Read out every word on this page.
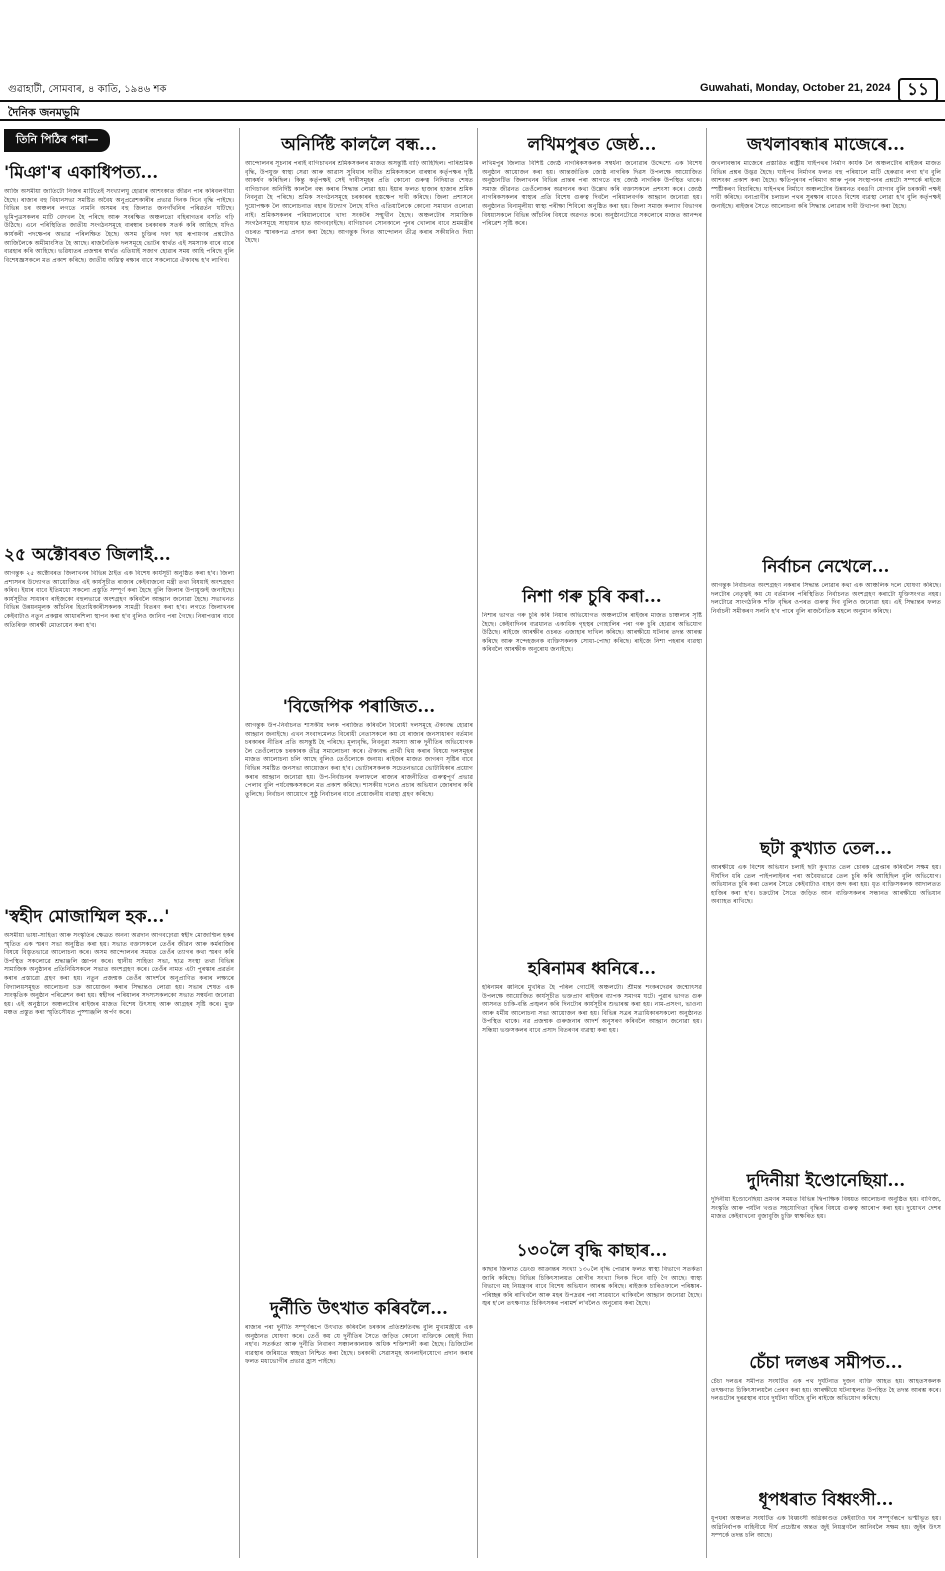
গুৱাহাটী, সোমবাৰ, ৪ কাতি, ১৯৪৬ শক	Guwahati, Monday, October 21, 2024 ১১
দৈনিক জনমভূমি
তিনি পিঠিৰ পৰা—
'মিঞা'ৰ একাধিপত্য...
আজি অসমীয়া জাতিটো নিজৰ মাটিতেই সংখ্যালঘু হোৱাৰ আশংকাত জীৱন পাৰ কৰিবলগীয়া হৈছে। ৰাজ্যৰ বহু বিধানসভা সমষ্টিত অবৈধ অনুপ্ৰৱেশকাৰীৰ প্ৰভাৱ দিনক দিনে বৃদ্ধি পাইছে। বিভিন্ন চৰ অঞ্চলৰ লগতে নামনি অসমৰ বহু জিলাত জনগাঁথনিৰ পৰিৱৰ্তন ঘটিছে। ভূমিপুত্ৰসকলৰ মাটি বেদখল হৈ পৰিছে আৰু সংৰক্ষিত অঞ্চলতো বহিৰাগতৰ বসতি গঢ়ি উঠিছে। এনে পৰিস্থিতিত জাতীয় সংগঠনসমূহে বাৰম্বাৰ চৰকাৰক সতৰ্ক কৰি আহিছে যদিও কাৰ্যকৰী পদক্ষেপৰ অভাৱ পৰিলক্ষিত হৈছে। অসম চুক্তিৰ দফা ছয় ৰূপায়ণৰ প্ৰশ্নটোও আজিলৈকে অমীমাংসিত হৈ আছে। ৰাজনৈতিক দলসমূহে ভোটৰ স্বাৰ্থত এই সমস্যাক বাৰে বাৰে ব্যৱহাৰ কৰি আহিছে। ভৱিষ্যতৰ প্ৰজন্মৰ স্বাৰ্থত এতিয়াই সজাগ হোৱাৰ সময় আহি পৰিছে বুলি বিশেষজ্ঞসকলে মত প্ৰকাশ কৰিছে। জাতীয় অস্তিত্ব ৰক্ষাৰ বাবে সকলোৱে ঐক্যবদ্ধ হ'ব লাগিব।
২৫ অক্টোবৰত জিলাই...
আগন্তুক ২৫ অক্টোবৰত জিলাখনৰ বিভিন্ন ঠাইত এক বিশেষ কাৰ্যসূচী অনুষ্ঠিত কৰা হ'ব। জিলা প্ৰশাসনৰ উদ্যোগত আয়োজিত এই কাৰ্যসূচীত ৰাজ্যৰ কেইবাজনো মন্ত্ৰী তথা বিষয়াই অংশগ্ৰহণ কৰিব। ইয়াৰ বাবে ইতিমধ্যে সকলো প্ৰস্তুতি সম্পূৰ্ণ কৰা হৈছে বুলি জিলাৰ উপায়ুক্তই জনাইছে। কাৰ্যসূচীত সাধাৰণ ৰাইজকো বহুলভাৱে অংশগ্ৰহণ কৰিবলৈ আহ্বান জনোৱা হৈছে। সভাখনত বিভিন্ন উন্নয়নমূলক আঁচনিৰ হিতাধিকাৰীসকলক সামগ্ৰী বিতৰণ কৰা হ'ব। লগতে জিলাখনৰ কেইবাটাও নতুন প্ৰকল্পৰ আধাৰশিলা স্থাপন কৰা হ'ব বুলিও জানিব পৰা গৈছে। নিৰাপত্তাৰ বাবে অতিৰিক্ত আৰক্ষী মোতায়েন কৰা হ'ব।
'স্বহীদ মোজাম্মিল হক...'
অসমীয়া ভাষা-সাহিত্য আৰু সংস্কৃতিৰ ক্ষেত্ৰত অনন্য অৱদান আগবঢ়োৱা স্বহীদ মোজাম্মিল হকৰ স্মৃতিত এক স্মৰণ সভা অনুষ্ঠিত কৰা হয়। সভাত বক্তাসকলে তেওঁৰ জীৱন আৰু কৰ্মৰাজিৰ বিষয়ে বিস্তৃতভাৱে আলোচনা কৰে। অসম আন্দোলনৰ সময়ত তেওঁৰ ত্যাগৰ কথা স্মৰণ কৰি উপস্থিত সকলোৱে শ্ৰদ্ধাঞ্জলি জ্ঞাপন কৰে। স্থানীয় সাহিত্য সভা, ছাত্ৰ সংস্থা তথা বিভিন্ন সামাজিক অনুষ্ঠানৰ প্ৰতিনিধিসকলে সভাত অংশগ্ৰহণ কৰে। তেওঁৰ নামত এটা পুৰস্কাৰ প্ৰৱৰ্তন কৰাৰ প্ৰস্তাৱো গ্ৰহণ কৰা হয়। নতুন প্ৰজন্মক তেওঁৰ আদৰ্শৰে অনুপ্ৰাণিত কৰাৰ লক্ষ্যৰে বিদ্যালয়সমূহত আলোচনা চক্ৰ আয়োজন কৰাৰ সিদ্ধান্তও লোৱা হয়। সভাৰ শেষত এক সাংস্কৃতিক অনুষ্ঠান পৰিৱেশন কৰা হয়। স্বহীদৰ পৰিয়ালৰ সদস্যসকলকো সভাত সম্বৰ্ধনা জনোৱা হয়। এই অনুষ্ঠানে অঞ্চলটোৰ ৰাইজৰ মাজত বিশেষ উৎসাহ আৰু আগ্ৰহৰ সৃষ্টি কৰে। মুক্ত মঞ্চত প্ৰস্তুত কৰা স্মৃতিসৌধত পুষ্পাঞ্জলি অৰ্পণ কৰে।
অনিৰ্দিষ্ট কাললৈ বন্ধ...
আন্দোলনৰ সূচনাৰ পৰাই বাগিচাখনৰ শ্ৰমিকসকলৰ মাজত অসন্তুষ্টি বাঢ়ি আহিছিল। পাৰিশ্ৰমিক বৃদ্ধি, উপযুক্ত স্বাস্থ্য সেৱা আৰু আৱাস সুবিধাৰ দাবীত শ্ৰমিকসকলে বাৰম্বাৰ কৰ্তৃপক্ষৰ দৃষ্টি আকৰ্ষণ কৰিছিল। কিন্তু কৰ্তৃপক্ষই সেই দাবীসমূহৰ প্ৰতি কোনো গুৰুত্ব নিদিয়াত শেষত বাগিচাখন অনিৰ্দিষ্ট কাললৈ বন্ধ কৰাৰ সিদ্ধান্ত লোৱা হয়। ইয়াৰ ফলত হাজাৰ হাজাৰ শ্ৰমিক নিবনুৱা হৈ পৰিছে। শ্ৰমিক সংগঠনসমূহে চৰকাৰৰ হস্তক্ষেপ দাবী কৰিছে। জিলা প্ৰশাসনে দুয়োপক্ষক লৈ আলোচনাত বহাৰ উদ্যোগ লৈছে যদিও এতিয়ালৈকে কোনো সমাধান ওলোৱা নাই। শ্ৰমিকসকলৰ পৰিয়ালবোৰে খাদ্য সংকটৰ সন্মুখীন হৈছে। অঞ্চলটোৰ সামাজিক সংগঠনসমূহে সাহায্যৰ হাত আগবঢ়াইছে। বাগিচাখন সোনকালে পুনৰ খোলাৰ বাবে শ্ৰমমন্ত্ৰীৰ ওচৰত স্মাৰকপত্ৰ প্ৰদান কৰা হৈছে। আগন্তুক দিনত আন্দোলন তীব্ৰ কৰাৰ সকীয়নিও দিয়া হৈছে।
'বিজেপিক পৰাজিত...
আগন্তুক উপ-নিৰ্বাচনত শাসকীয় দলক পৰাজিত কৰিবলৈ বিৰোধী দলসমূহে ঐক্যবদ্ধ হোৱাৰ আহ্বান জনাইছে। এখন সংবাদমেলত বিৰোধী নেতাসকলে কয় যে ৰাজ্যৰ জনসাধাৰণ বৰ্তমান চৰকাৰৰ নীতিৰ প্ৰতি অসন্তুষ্ট হৈ পৰিছে। মূল্যবৃদ্ধি, নিবনুৱা সমস্যা আৰু দুৰ্নীতিৰ অভিযোগক লৈ তেওঁলোকে চৰকাৰক তীব্ৰ সমালোচনা কৰে। ঐক্যবদ্ধ প্ৰাৰ্থী থিয় কৰাৰ বিষয়ে দলসমূহৰ মাজত আলোচনা চলি আছে বুলিও তেওঁলোকে জনায়। ৰাইজৰ মাজত জাগৰণ সৃষ্টিৰ বাবে বিভিন্ন সমষ্টিত জনসভা আয়োজন কৰা হ'ব। ভোটাৰসকলক সচেতনভাৱে ভোটাধিকাৰ প্ৰয়োগ কৰাৰ আহ্বান জনোৱা হয়। উপ-নিৰ্বাচনৰ ফলাফলে ৰাজ্যৰ ৰাজনীতিত গুৰুত্বপূৰ্ণ প্ৰভাৱ পেলাব বুলি পৰ্যবেক্ষকসকলে মত প্ৰকাশ কৰিছে। শাসকীয় দলেও প্ৰচাৰ অভিযান জোৰদাৰ কৰি তুলিছে। নিৰ্বাচন আয়োগে সুষ্ঠু নিৰ্বাচনৰ বাবে প্ৰয়োজনীয় ব্যৱস্থা গ্ৰহণ কৰিছে।
দুৰ্নীতি উৎখাত কৰিবলৈ...
ৰাজ্যৰ পৰা দুৰ্নীতি সম্পূৰ্ণৰূপে উৎখাত কৰিবলৈ চৰকাৰ প্ৰতিশ্ৰুতিবদ্ধ বুলি মুখ্যমন্ত্ৰীয়ে এক অনুষ্ঠানত ঘোষণা কৰে। তেওঁ কয় যে দুৰ্নীতিৰ সৈতে জড়িত কোনো ব্যক্তিকে ৰেহাই দিয়া নহ'ব। সতৰ্কতা আৰু দুৰ্নীতি নিবাৰণ সঞ্চালকালয়ক অধিক শক্তিশালী কৰা হৈছে। ডিজিটেল ব্যৱস্থাৰ জৰিয়তে স্বচ্ছতা নিশ্চিত কৰা হৈছে। চৰকাৰী সেৱাসমূহ অনলাইনযোগে প্ৰদান কৰাৰ ফলত মধ্যভোগীৰ প্ৰভাৱ হ্ৰাস পাইছে।
লখিমপুৰত জেষ্ঠ...
লখিমপুৰ জিলাত বিশিষ্ট জ্যেষ্ঠ নাগৰিকসকলক সম্বৰ্ধনা জনোৱাৰ উদ্দেশ্যে এক বিশেষ অনুষ্ঠান আয়োজন কৰা হয়। আন্তৰ্জাতিক জ্যেষ্ঠ নাগৰিক দিৱস উপলক্ষে আয়োজিত অনুষ্ঠানটিত জিলাখনৰ বিভিন্ন প্ৰান্তৰ পৰা আগতে বহু জ্যেষ্ঠ নাগৰিক উপস্থিত থাকে। সমাজ জীৱনত তেওঁলোকৰ অৱদানৰ কথা উল্লেখ কৰি বক্তাসকলে প্ৰশংসা কৰে। জ্যেষ্ঠ নাগৰিকসকলৰ স্বাস্থ্যৰ প্ৰতি বিশেষ গুৰুত্ব দিবলৈ পৰিয়ালবৰ্গক আহ্বান জনোৱা হয়। অনুষ্ঠানত বিনামূলীয়া স্বাস্থ্য পৰীক্ষা শিবিৰো অনুষ্ঠিত কৰা হয়। জিলা সমাজ কল্যাণ বিভাগৰ বিষয়াসকলে বিভিন্ন আঁচনিৰ বিষয়ে অৱগত কৰে। অনুষ্ঠানটোৱে সকলোৰে মাজত আনন্দৰ পৰিৱেশ সৃষ্টি কৰে।
নিশা গৰু চুৰি কৰা...
নিশাৰ ভাগত গৰু চুৰি কৰি নিয়াৰ অভিযোগত অঞ্চলটোৰ ৰাইজৰ মাজত চাঞ্চল্যৰ সৃষ্টি হৈছে। কেইবাদিনৰ ব্যৱধানত একাধিক গৃহস্থৰ গোহালিৰ পৰা গৰু চুৰি হোৱাৰ অভিযোগ উঠিছে। ৰাইজে আৰক্ষীৰ ওচৰত এজাহাৰ দাখিল কৰিছে। আৰক্ষীয়ে ঘটনাৰ তদন্ত আৰম্ভ কৰিছে আৰু সন্দেহজনক ব্যক্তিসকলক সোধা-পোছা কৰিছে। ৰাইজে নিশা পহৰাৰ ব্যৱস্থা কৰিবলৈ আৰক্ষীক অনুৰোধ জনাইছে।
হৰিনামৰ ধ্বনিৰে...
হৰিনামৰ ধ্বনিৰে মুখৰিত হৈ পৰিল গোটেই অঞ্চলটো। শ্ৰীমন্ত শংকৰদেৱৰ জন্মোৎসৱ উপলক্ষে আয়োজিত কাৰ্যসূচীত ভক্তপ্ৰাণ ৰাইজৰ ব্যাপক সমাগম ঘটে। পুৱাৰ ভাগত গুৰু আসনত চাকি-বন্তি প্ৰজ্বলন কৰি দিনটোৰ কাৰ্যসূচীৰ শুভাৰম্ভ কৰা হয়। নাম-প্ৰসংগ, ভাওনা আৰু ধৰ্মীয় আলোচনা সভা আয়োজন কৰা হয়। বিভিন্ন সত্ৰৰ সত্ৰাধিকাৰসকলো অনুষ্ঠানত উপস্থিত থাকে। নৱ প্ৰজন্মক গুৰুজনাৰ আদৰ্শ অনুসৰণ কৰিবলৈ আহ্বান জনোৱা হয়। সন্ধিয়া ভক্তসকলৰ বাবে প্ৰসাদ বিতৰণৰ ব্যৱস্থা কৰা হয়।
১৩০লৈ বৃদ্ধি কাছাৰ...
কাছাৰ জিলাত ডেংগু আক্ৰান্তৰ সংখ্যা ১৩০লৈ বৃদ্ধি পোৱাৰ ফলত স্বাস্থ্য বিভাগে সতৰ্কতা জাৰি কৰিছে। বিভিন্ন চিকিৎসালয়ত ৰোগীৰ সংখ্যা দিনক দিনে বাঢ়ি গৈ আছে। স্বাস্থ্য বিভাগে মহ নিয়ন্ত্ৰণৰ বাবে বিশেষ অভিযান আৰম্ভ কৰিছে। ৰাইজক চাৰিওফালে পৰিষ্কাৰ-পৰিচ্ছন্ন কৰি ৰাখিবলৈ আৰু মহৰ উপদ্ৰৱৰ পৰা সাৱধানে থাকিবলৈ আহ্বান জনোৱা হৈছে। জ্বৰ হ'লে তৎক্ষণাত চিকিৎসকৰ পৰামৰ্শ ল'বলৈও অনুৰোধ কৰা হৈছে।
জখলাবন্ধাৰ মাজেৰে...
জখলাবন্ধাৰ মাজেৰে প্ৰস্তাৱিত ৰাষ্ট্ৰীয় ঘাইপথৰ নিৰ্মাণ কাৰ্যক লৈ অঞ্চলটোৰ ৰাইজৰ মাজত বিভিন্ন প্ৰশ্নৰ উদ্ভৱ হৈছে। ঘাইপথ নিৰ্মাণৰ ফলত বহু পৰিয়ালে মাটি হেৰুৱাব লগা হ'ব বুলি আশংকা প্ৰকাশ কৰা হৈছে। ক্ষতিপূৰণৰ পৰিমাণ আৰু পুনৰ সংস্থাপনৰ প্ৰশ্নটো সম্পৰ্কে ৰাইজে স্পষ্টীকৰণ বিচাৰিছে। ঘাইপথৰ নিৰ্মাণে অঞ্চলটোৰ উন্নয়নত বৰঙণি যোগাব বুলি চৰকাৰী পক্ষই দাবী কৰিছে। বন্যপ্ৰাণীৰ চলাচল পথৰ সুৰক্ষাৰ বাবেও বিশেষ ব্যৱস্থা লোৱা হ'ব বুলি কৰ্তৃপক্ষই জনাইছে। ৰাইজৰ সৈতে আলোচনা কৰি সিদ্ধান্ত লোৱাৰ দাবী উত্থাপন কৰা হৈছে।
নিৰ্বাচন নেখেলে...
আগন্তুক নিৰ্বাচনত অংশগ্ৰহণ নকৰাৰ সিদ্ধান্ত লোৱাৰ কথা এক আঞ্চলিক দলে ঘোষণা কৰিছে। দলটোৰ নেতৃত্বই কয় যে বৰ্তমানৰ পৰিস্থিতিত নিৰ্বাচনত অংশগ্ৰহণ কৰাটো যুক্তিসংগত নহয়। দলটোৱে সাংগঠনিক শক্তি বৃদ্ধিৰ ওপৰত গুৰুত্ব দিব বুলিও জনোৱা হয়। এই সিদ্ধান্তৰ ফলত নিৰ্বাচনী সমীকৰণ সলনি হ'ব পাৰে বুলি ৰাজনৈতিক মহলে অনুমান কৰিছে।
ছটা কুখ্যাত তেল...
আৰক্ষীয়ে এক বিশেষ অভিযান চলাই ছটা কুখ্যাত তেল চোৰক গ্ৰেপ্তাৰ কৰিবলৈ সক্ষম হয়। দীৰ্ঘদিন ধৰি তেল পাইপলাইনৰ পৰা অবৈধভাৱে তেল চুৰি কৰি আহিছিল বুলি অভিযোগ। অভিযানত চুৰি কৰা তেলৰ সৈতে কেইবাটাও বাহন জব্দ কৰা হয়। ধৃত ব্যক্তিসকলক আদালতত হাজিৰ কৰা হ'ব। চক্ৰটোৰ সৈতে জড়িত আন ব্যক্তিসকলৰ সন্ধানত আৰক্ষীয়ে অভিযান অব্যাহত ৰাখিছে।
দুদিনীয়া ইণ্ডোনেছিয়া...
দুদিনীয়া ইণ্ডোনেছিয়া ভ্ৰমণৰ সময়ত বিভিন্ন দ্বিপাক্ষিক বিষয়ত আলোচনা অনুষ্ঠিত হয়। বাণিজ্য, সংস্কৃতি আৰু পৰ্যটন খণ্ডত সহযোগিতা বৃদ্ধিৰ বিষয়ে গুৰুত্ব আৰোপ কৰা হয়। দুয়োখন দেশৰ মাজত কেইবাখনো বুজাবুজি চুক্তি স্বাক্ষৰিত হয়।
চেঁচা দলঙৰ সমীপত...
চেঁচা দলঙৰ সমীপত সংঘটিত এক পথ দুৰ্ঘটনাত দুজন ব্যক্তি আহত হয়। আহতসকলক তৎক্ষণাত চিকিৎসালয়লৈ প্ৰেৰণ কৰা হয়। আৰক্ষীয়ে ঘটনাস্থলত উপস্থিত হৈ তদন্ত আৰম্ভ কৰে। দলঙটোৰ দুৰৱস্থাৰ বাবে দুৰ্ঘটনা ঘটিছে বুলি ৰাইজে অভিযোগ কৰিছে।
ধূপধৰাত বিধ্বংসী...
ধূপধৰা অঞ্চলত সংঘটিত এক বিধ্বংসী অগ্নিকাণ্ডত কেইবাটাও ঘৰ সম্পূৰ্ণৰূপে ভস্মীভূত হয়। অগ্নিনিৰ্বাপক বাহিনীয়ে দীৰ্ঘ প্ৰচেষ্টাৰ অন্তত জুই নিয়ন্ত্ৰণলৈ আনিবলৈ সক্ষম হয়। জুইৰ উৎস সম্পৰ্কে তদন্ত চলি আছে।
